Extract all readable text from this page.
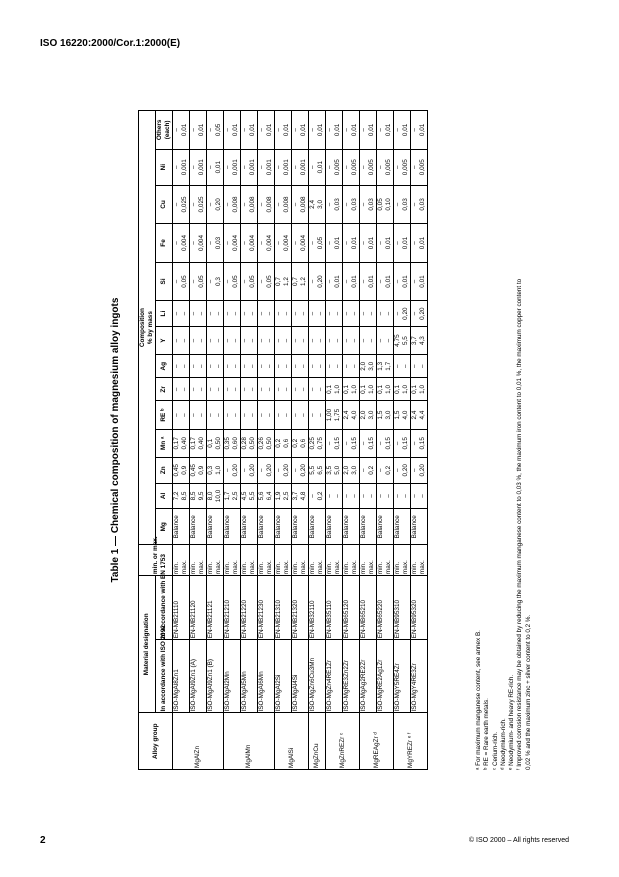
ISO 16220:2000/Cor.1:2000(E)
Table 1 — Chemical composition of magnesium alloy ingots
Alloy group	Material designation		min. or max.	Composition
% by mass													
	In accordance with ISO 2092	In accordance with EN 1753		Mg	Al	Zn	Mn ᵃ	RE ᵇ	Zr	Ag	Y	Li	Si	Fe	Cu	Ni	Others (each)

MgAlZn	ISO-MgAl8Zn1	EN-MB21110	min.	Balance	7,2	0,45	0,17	–	–	–	–	–	–	–	–	–	–
			max.		8,5	0,9	0,40	–	–	–	–	–	0,05	0,004	0,025	0,001	0,01
	ISO-MgAl9Zn1 (A)	EN-MB21120	min.	Balance	8,5	0,45	0,17	–	–	–	–	–	–	–	–	–	–
			max.		9,5	0,9	0,40	–	–	–	–	–	0,05	0,004	0,025	0,001	0,01
	ISO-MgAl9Zn1 (B)	EN-MB21121	min.	Balance	8,0	0,3	0,1	–	–	–	–	–	–	–	–	–	–
			max.		10,0	1,0	0,50	–	–	–	–	–	0,3	0,03	0,20	0,01	0,05
MgAlMn	ISO-MgAl2Mn	EN-MB21210	min.	Balance	1,7	–	0,35	–	–	–	–	–	–	–	–	–	–
			max.		2,5	0,20	0,60	–	–	–	–	–	0,05	0,004	0,008	0,001	0,01
	ISO-MgAl5Mn	EN-MB21220	min.	Balance	4,5	–	0,28	–	–	–	–	–	–	–	–	–	–
			max.		5,5	0,20	0,50	–	–	–	–	–	0,05	0,004	0,008	0,001	0,01
	ISO-MgAl6Mn	EN-MB21230	min.	Balance	5,6	–	0,26	–	–	–	–	–	–	–	–	–	–
			max.		6,4	0,20	0,50	–	–	–	–	–	0,05	0,004	0,008	0,001	0,01
MgAlSi	ISO-MgAl2Si	EN-MB21310	min.	Balance	1,9	–	0,2	–	–	–	–	–	0,7	–	–	–	–
			max.		2,5	0,20	0,6	–	–	–	–	–	1,2	0,004	0,008	0,001	0,01
	ISO-MgAl4Si	EN-MB21320	min.	Balance	3,7	–	0,2	–	–	–	–	–	0,7	–	–	–	–
			max.		4,8	0,20	0,6	–	–	–	–	–	1,2	0,004	0,008	0,001	0,01
MgZnCu	ISO-MgZn6Cu3Mn	EN-MB32110	min.	Balance	–	5,5	0,25	–	–	–	–	–	–	–	2,4	–	–
			max.		0,2	6,5	0,75	–	–	–	–	–	0,20	0,05	3,0	0,01	0,01
MgZnREZr ᶜ	ISO-MgZn4RE1Zr	EN-MB35110	min.	Balance	–	3,5	–	1,00	0,1	–	–	–	–	–	–	–	–
			max.		–	5,0	0,15	1,75	1,0	–	–	–	0,01	0,01	0,03	0,005	0,01
	ISO-MgRE3Zn2Zr	EN-MB65120	min.	Balance	–	2,0	–	2,4	0,1	–	–	–	–	–	–	–	–
			max.		–	3,0	0,15	4,0	1,0	–	–	–	0,01	0,01	0,03	0,005	0,01
MgREAgZr ᵈ	ISO-MgAg2RE2Zr	EN-MB65210	min.	Balance	–	–	–	2,0	0,1	2,0	–	–	–	–	–	–	–
			max.		–	0,2	0,15	3,0	1,0	3,0	–	–	0,01	0,01	0,03	0,005	0,01
	ISO-MgRE2Ag1Zr	EN-MB65220	min.	Balance	–	–	–	1,5	0,1	1,3	–	–	–	–	0,05	–	–
			max.		–	0,2	0,15	3,0	1,0	1,7	–	–	0,01	0,01	0,10	0,005	0,01
MgYREZr ᵉ ᶠ	ISO-MgY5RE4Zr	EN-MB95310	min.	Balance	–	–	–	1,5	0,1	–	4,75	–	–	–	–	–	–
			max.		–	0,20	0,15	4,0	1,0	–	5,5	0,20	0,01	0,01	0,03	0,005	0,01
	ISO-MgY4RE3Zr	EN-MB95320	min.	Balance	–	–	–	2,4	0,1	–	3,7	–	–	–	–	–	–
			max.		–	0,20	0,15	4,4	1,0	–	4,3	0,20	0,01	0,01	0,03	0,005	0,01
ᵃ For maximum manganese content, see annex B. ᵇ RE = Rare earth metals. ᶜ Cerium-rich. ᵈ Neodymium-rich. ᵉ Neodymium- and heavy RE-rich. ᶠ Improved corrosion resistance may be obtained by reducing the maximum manganese content to 0,03 %, the maximum iron content to 0,01 %, the maximum copper content to 0,02 % and the maximum zinc + silver content to 0,2 %.
2	© ISO 2000 – All rights reserved
